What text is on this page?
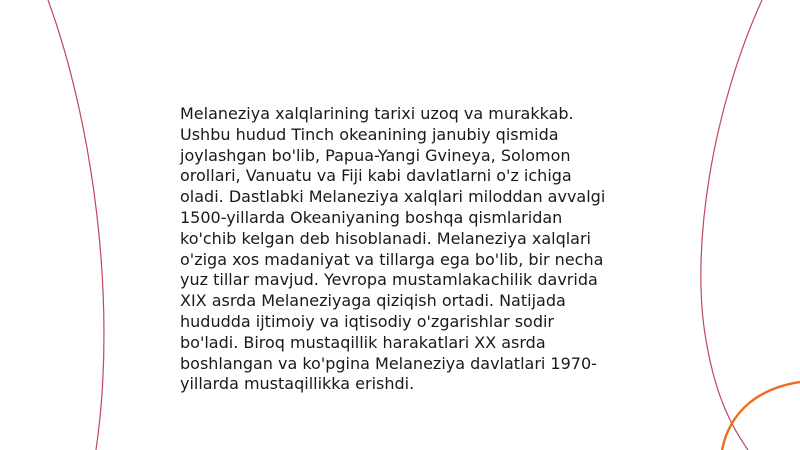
Melaneziya xalqlarining tarixi uzoq va murakkab.
Ushbu hudud Tinch okeanining janubiy qismida
joylashgan bo'lib, Papua-Yangi Gvineya, Solomon
orollari, Vanuatu va Fiji kabi davlatlarni o'z ichiga
oladi. Dastlabki Melaneziya xalqlari miloddan avvalgi
1500-yillarda Okeaniyaning boshqa qismlaridan
ko'chib kelgan deb hisoblanadi. Melaneziya xalqlari
o'ziga xos madaniyat va tillarga ega bo'lib, bir necha
yuz tillar mavjud. Yevropa mustamlakachilik davrida
XIX asrda Melaneziyaga qiziqish ortadi. Natijada
hududda ijtimoiy va iqtisodiy o'zgarishlar sodir
bo'ladi. Biroq mustaqillik harakatlari XX asrda
boshlangan va ko'pgina Melaneziya davlatlari 1970-
yillarda mustaqillikka erishdi.
